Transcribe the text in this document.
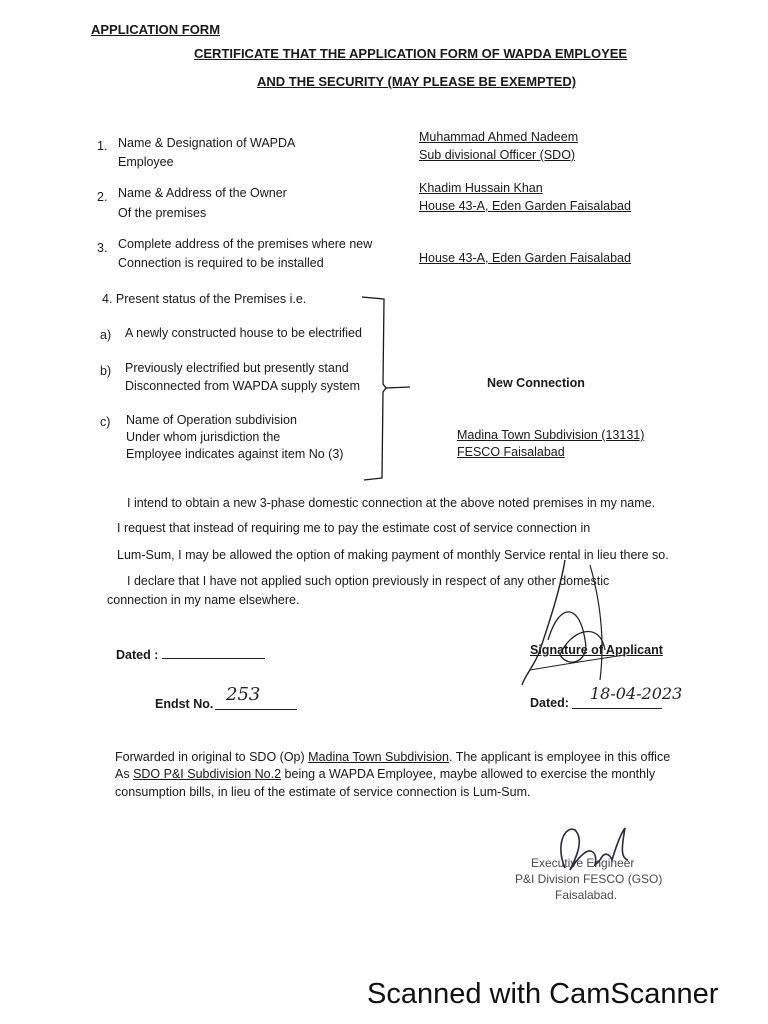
APPLICATION FORM
CERTIFICATE THAT THE APPLICATION FORM OF WAPDA EMPLOYEE
AND THE SECURITY (MAY PLEASE BE EXEMPTED)
1. Name & Designation of WAPDA
Employee
Muhammad Ahmed Nadeem
Sub divisional Officer (SDO)
2. Name & Address of the Owner
Of the premises
Khadim Hussain Khan
House 43-A, Eden Garden Faisalabad
3. Complete address of the premises where new
Connection is required to be installed	House 43-A, Eden Garden Faisalabad
4. Present status of the Premises i.e.
a) A newly constructed house to be electrified
b) Previously electrified but presently stand
Disconnected from WAPDA supply system	New Connection
c) Name of Operation subdivision
Under whom jurisdiction the
Employee indicates against item No (3)
Madina Town Subdivision (13131)
FESCO Faisalabad
I intend to obtain a new 3-phase domestic connection at the above noted premises in my name.
I request that instead of requiring me to pay the estimate cost of service connection in
Lum-Sum, I may be allowed the option of making payment of monthly Service rental in lieu there so.
I declare that I have not applied such option previously in respect of any other domestic
connection in my name elsewhere.
Dated :	Signature of Applicant
Endst No. 253	Dated: 18-04-2023
Forwarded in original to SDO (Op) Madina Town Subdivision. The applicant is employee in this office
As SDO P&I Subdivision No.2 being a WAPDA Employee, maybe allowed to exercise the monthly
consumption bills, in lieu of the estimate of service connection is Lum-Sum.
Executive Engineer
P&I Division FESCO (GSO)
Faisalabad.
Scanned with CamScanner
